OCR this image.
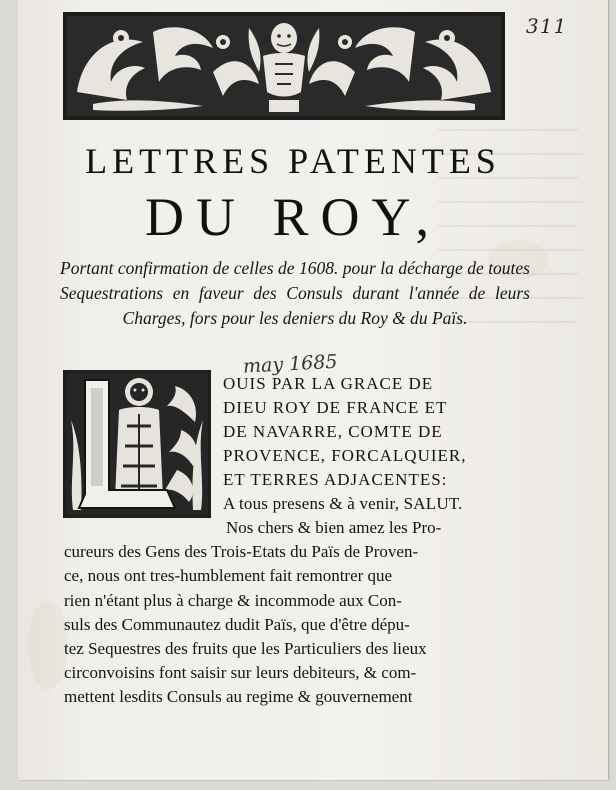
311
LETTRES PATENTES
DU ROY,
Portant confirmation de celles de 1608. pour la décharge de toutes Sequestrations en faveur des Consuls durant l'année de leurs Charges, fors pour les deniers du Roy & du Païs.
may 1685
OUIS PAR LA GRACE DE
DIEU ROY DE FRANCE ET
DE NAVARRE, COMTE DE
PROVENCE, FORCALQUIER,
ET TERRES ADJACENTES:
A tous presens & à venir, SALUT.
Nos chers & bien amez les Pro-
cureurs des Gens des Trois-Etats du Païs de Proven-
ce, nous ont tres-humblement fait remontrer que
rien n'étant plus à charge & incommode aux Con-
suls des Communautez dudit Païs, que d'être dépu-
tez Sequestres des fruits que les Particuliers des lieux
circonvoisins font saisir sur leurs debiteurs, & com-
mettent lesdits Consuls au regime & gouvernement
